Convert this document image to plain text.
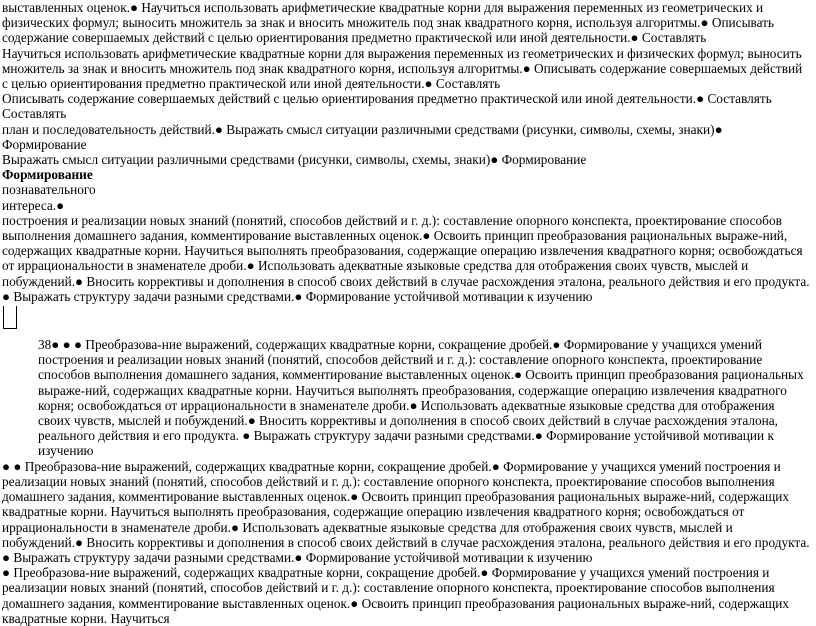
выставленных оценок.● Научиться использовать арифметические квадратные корни для выражения переменных из геометрических и физических формул; выносить множитель за знак и вносить множитель под знак квадратного корня, используя алгоритмы.● Описывать содержание совершаемых действий с целью ориентирования предметно практической или иной деятельности.● Составлять

Научиться использовать арифметические квадратные корни для выражения переменных из геометрических и физических формул; выносить множитель за знак и вносить множитель под знак квадратного корня, используя алгоритмы.● Описывать содержание совершаемых действий с целью ориентирования предметно практической или иной деятельности.● Составлять

Описывать содержание совершаемых действий с целью ориентирования предметно практической или иной деятельности.● Составлять

Составлять

план и последовательность действий.● Выражать смысл ситуации различными средствами (рисунки, символы, схемы, знаки)● Формирование

Выражать смысл ситуации различными средствами (рисунки, символы, схемы, знаки)● Формирование

Формирование

познавательного

интереса.●

построения и реализации новых знаний (понятий, способов действий и г. д.): составление опорного конспекта, проектирование способов выполнения домашнего задания, комментирование выставленных оценок.● Освоить принцип преобразования рациональных выраже-ний, содержащих квадратные корни. Научиться выполнять преобразования, содержащие операцию извлечения квадратного корня; освобождаться от иррациональности в знаменателе дроби.● Использовать адекватные языковые средства для отображения своих чувств, мыслей и побуждений.● Вносить коррективы и дополнения в способ своих действий в случае расхождения эталона, реального действия и его продукта. ● Выражать структуру задачи разными средствами.● Формирование устойчивой мотивации к изучению

38● ● ● Преобразова-ние выражений, содержащих квадратные корни, сокращение дробей.● Формирование у учащихся умений построения и реализации новых знаний (понятий, способов действий и г. д.): составление опорного конспекта, проектирование способов выполнения домашнего задания, комментирование выставленных оценок.● Освоить принцип преобразования рациональных выраже-ний, содержащих квадратные корни. Научиться выполнять преобразования, содержащие операцию извлечения квадратного корня; освобождаться от иррациональности в знаменателе дроби.● Использовать адекватные языковые средства для отображения своих чувств, мыслей и побуждений.● Вносить коррективы и дополнения в способ своих действий в случае расхождения эталона, реального действия и его продукта. ● Выражать структуру задачи разными средствами.● Формирование устойчивой мотивации к изучению

● ● Преобразова-ние выражений, содержащих квадратные корни, сокращение дробей.● Формирование у учащихся умений построения и реализации новых знаний (понятий, способов действий и г. д.): составление опорного конспекта, проектирование способов выполнения домашнего задания, комментирование выставленных оценок.● Освоить принцип преобразования рациональных выраже-ний, содержащих квадратные корни. Научиться выполнять преобразования, содержащие операцию извлечения квадратного корня; освобождаться от иррациональности в знаменателе дроби.● Использовать адекватные языковые средства для отображения своих чувств, мыслей и побуждений.● Вносить коррективы и дополнения в способ своих действий в случае расхождения эталона, реального действия и его продукта. ● Выражать структуру задачи разными средствами.● Формирование устойчивой мотивации к изучению

● Преобразова-ние выражений, содержащих квадратные корни, сокращение дробей.● Формирование у учащихся умений построения и реализации новых знаний (понятий, способов действий и г. д.): составление опорного конспекта, проектирование способов выполнения домашнего задания, комментирование выставленных оценок.● Освоить принцип преобразования рациональных выраже-ний, содержащих квадратные корни. Научиться
